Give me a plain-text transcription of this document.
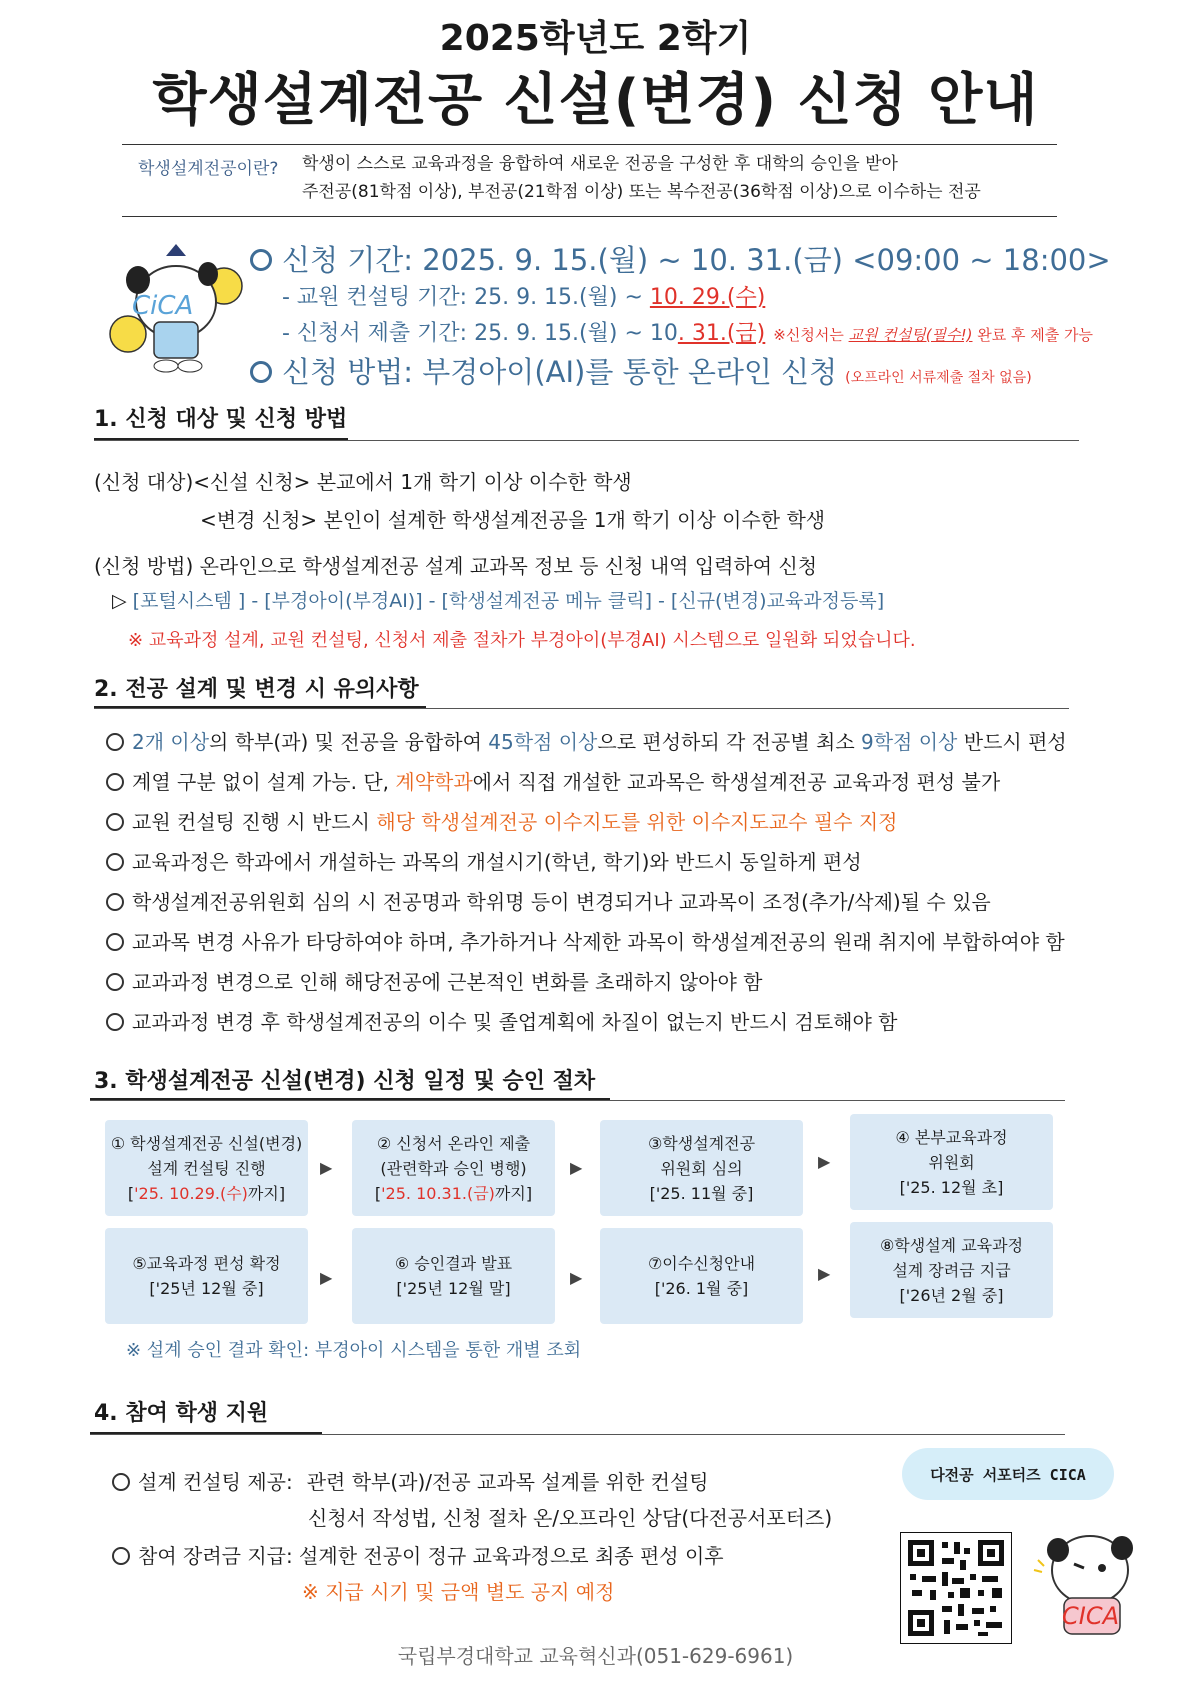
2025학년도 2학기
학생설계전공 신설(변경) 신청 안내
학생설계전공이란? 학생이 스스로 교육과정을 융합하여 새로운 전공을 구성한 후 대학의 승인을 받아
주전공(81학점 이상), 부전공(21학점 이상) 또는 복수전공(36학점 이상)으로 이수하는 전공
CiCA
신청 기간: 2025. 9. 15.(월) ~ 10. 31.(금) <09:00 ~ 18:00>
- 교원 컨설팅 기간: 25. 9. 15.(월) ~ 10. 29.(수)
- 신청서 제출 기간: 25. 9. 15.(월) ~ 10. 31.(금) ※신청서는 교원 컨설팅(필수!) 완료 후 제출 가능
신청 방법: 부경아이(AI)를 통한 온라인 신청 (오프라인 서류제출 절차 없음)
1. 신청 대상 및 신청 방법
(신청 대상)<신설 신청> 본교에서 1개 학기 이상 이수한 학생
<변경 신청> 본인이 설계한 학생설계전공을 1개 학기 이상 이수한 학생
(신청 방법) 온라인으로 학생설계전공 설계 교과목 정보 등 신청 내역 입력하여 신청
▷ [포털시스템 ] - [부경아이(부경AI)] - [학생설계전공 메뉴 클릭] - [신규(변경)교육과정등록]
※ 교육과정 설계, 교원 컨설팅, 신청서 제출 절차가 부경아이(부경AI) 시스템으로 일원화 되었습니다.
2. 전공 설계 및 변경 시 유의사항
2개 이상의 학부(과) 및 전공을 융합하여 45학점 이상으로 편성하되 각 전공별 최소 9학점 이상 반드시 편성
계열 구분 없이 설계 가능. 단, 계약학과에서 직접 개설한 교과목은 학생설계전공 교육과정 편성 불가
교원 컨설팅 진행 시 반드시 해당 학생설계전공 이수지도를 위한 이수지도교수 필수 지정
교육과정은 학과에서 개설하는 과목의 개설시기(학년, 학기)와 반드시 동일하게 편성
학생설계전공위원회 심의 시 전공명과 학위명 등이 변경되거나 교과목이 조정(추가/삭제)될 수 있음
교과목 변경 사유가 타당하여야 하며, 추가하거나 삭제한 과목이 학생설계전공의 원래 취지에 부합하여야 함
교과과정 변경으로 인해 해당전공에 근본적인 변화를 초래하지 않아야 함
교과과정 변경 후 학생설계전공의 이수 및 졸업계획에 차질이 없는지 반드시 검토해야 함
3. 학생설계전공 신설(변경) 신청 일정 및 승인 절차
① 학생설계전공 신설(변경)
설계 컨설팅 진행
['25. 10.29.(수)까지]
▶
② 신청서 온라인 제출
(관련학과 승인 병행)
['25. 10.31.(금)까지]
▶
③학생설계전공
위원회 심의
['25. 11월 중]
▶
④ 본부교육과정
위원회
['25. 12월 초]
⑤교육과정 편성 확정
['25년 12월 중]
▶
⑥ 승인결과 발표
['25년 12월 말]
▶
⑦이수신청안내
['26. 1월 중]
▶
⑧학생설계 교육과정
설계 장려금 지급
['26년 2월 중]
※ 설계 승인 결과 확인: 부경아이 시스템을 통한 개별 조회
4. 참여 학생 지원
설계 컨설팅 제공: 관련 학부(과)/전공 교과목 설계를 위한 컨설팅
신청서 작성법, 신청 절차 온/오프라인 상담(다전공서포터즈)
참여 장려금 지급: 설계한 전공이 정규 교육과정으로 최종 편성 이후
※ 지급 시기 및 금액 별도 공지 예정
다전공 서포터즈 CICA
CICA
국립부경대학교 교육혁신과(051-629-6961)
